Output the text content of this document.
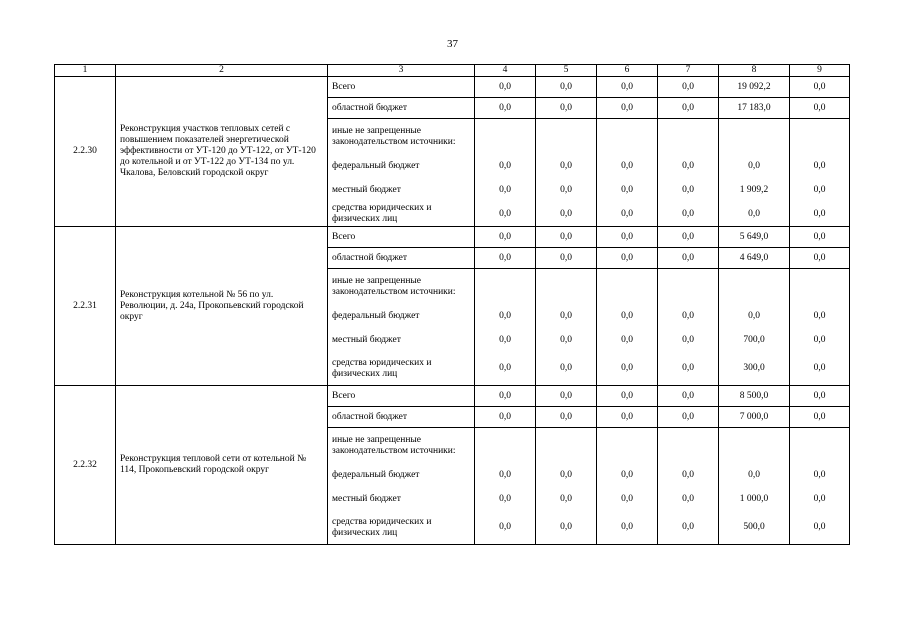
37
1	2	3	4	5	6	7	8	9
2.2.30	Реконструкция участков тепловых сетей с повышением показателей энергетической эффективности от УТ-120 до УТ-122, от УТ-120 до котельной и от УТ-122 до УТ-134 по ул. Чкалова, Беловский городской округ	Всего	0,0	0,0	0,0	0,0	19 092,2	0,0
		областной бюджет	0,0	0,0	0,0	0,0	17 183,0	0,0
		иные не запрещенные законодательством источники:						
		федеральный бюджет	0,0	0,0	0,0	0,0	0,0	0,0
		местный бюджет	0,0	0,0	0,0	0,0	1 909,2	0,0
		средства юридических и физических лиц	0,0	0,0	0,0	0,0	0,0	0,0
2.2.31	Реконструкция котельной № 56 по ул. Революции, д. 24а, Прокопьевский городской округ	Всего	0,0	0,0	0,0	0,0	5 649,0	0,0
		областной бюджет	0,0	0,0	0,0	0,0	4 649,0	0,0
		иные не запрещенные законодательством источники:						
		федеральный бюджет	0,0	0,0	0,0	0,0	0,0	0,0
		местный бюджет	0,0	0,0	0,0	0,0	700,0	0,0
		средства юридических и физических лиц	0,0	0,0	0,0	0,0	300,0	0,0
2.2.32	Реконструкция тепловой сети от котельной № 114, Прокопьевский городской округ	Всего	0,0	0,0	0,0	0,0	8 500,0	0,0
		областной бюджет	0,0	0,0	0,0	0,0	7 000,0	0,0
		иные не запрещенные законодательством источники:						
		федеральный бюджет	0,0	0,0	0,0	0,0	0,0	0,0
		местный бюджет	0,0	0,0	0,0	0,0	1 000,0	0,0
		средства юридических и физических лиц	0,0	0,0	0,0	0,0	500,0	0,0
